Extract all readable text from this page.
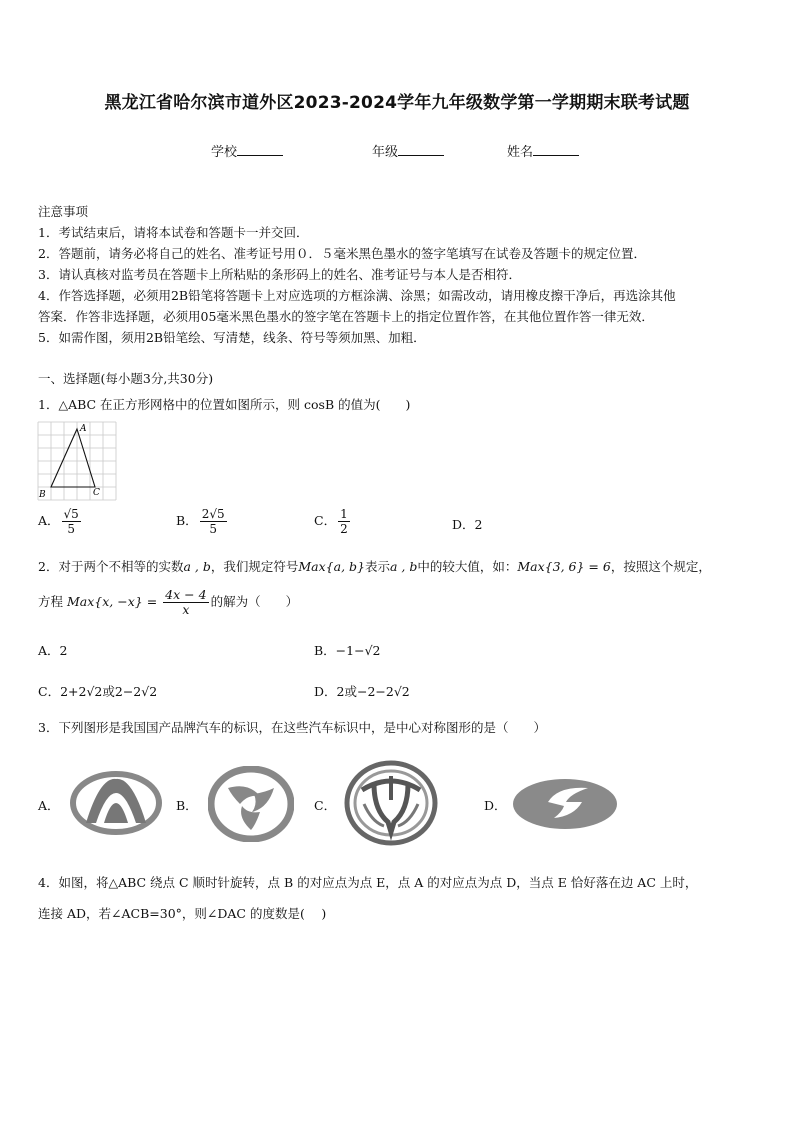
黑龙江省哈尔滨市道外区2023-2024学年九年级数学第一学期期末联考试题
学校	年级	姓名
注意事项
1．考试结束后，请将本试卷和答题卡一并交回．
2．答题前，请务必将自己的姓名、准考证号用０．５毫米黑色墨水的签字笔填写在试卷及答题卡的规定位置．
3．请认真核对监考员在答题卡上所粘贴的条形码上的姓名、准考证号与本人是否相符．
4．作答选择题，必须用2B铅笔将答题卡上对应选项的方框涂满、涂黑；如需改动，请用橡皮擦干净后，再选涂其他
答案．作答非选择题，必须用05毫米黑色墨水的签字笔在答题卡上的指定位置作答，在其他位置作答一律无效．
5．如需作图，须用2B铅笔绘、写清楚，线条、符号等须加黑、加粗．
一、选择题(每小题3分,共30分)
1．△ABC 在正方形网格中的位置如图所示，则 cosB 的值为(　　)
A
B	C
A． $\frac{√5}{5}$	B． $\frac{2√5}{5}$	C． $\frac{1}{2}$	D．2
2．对于两个不相等的实数a , b，我们规定符号Max{a, b}表示a , b中的较大值，如：Max{3, 6} = 6，按照这个规定，
方程 Max{x, $-x\} = \frac{4x - 4}{x}$ 的解为（　　）
A．2	B．−1−√2
C．2+2√2或2−2√2	D．2或−2−2√2
3．下列图形是我国国产品牌汽车的标识，在这些汽车标识中，是中心对称图形的是（　　）
A．	B．	C．	D．
4．如图，将△ABC 绕点 C 顺时针旋转，点 B 的对应点为点 E，点 A 的对应点为点 D，当点 E 恰好落在边 AC 上时，
连接 AD，若∠ACB=30°，则∠DAC 的度数是(　 )
